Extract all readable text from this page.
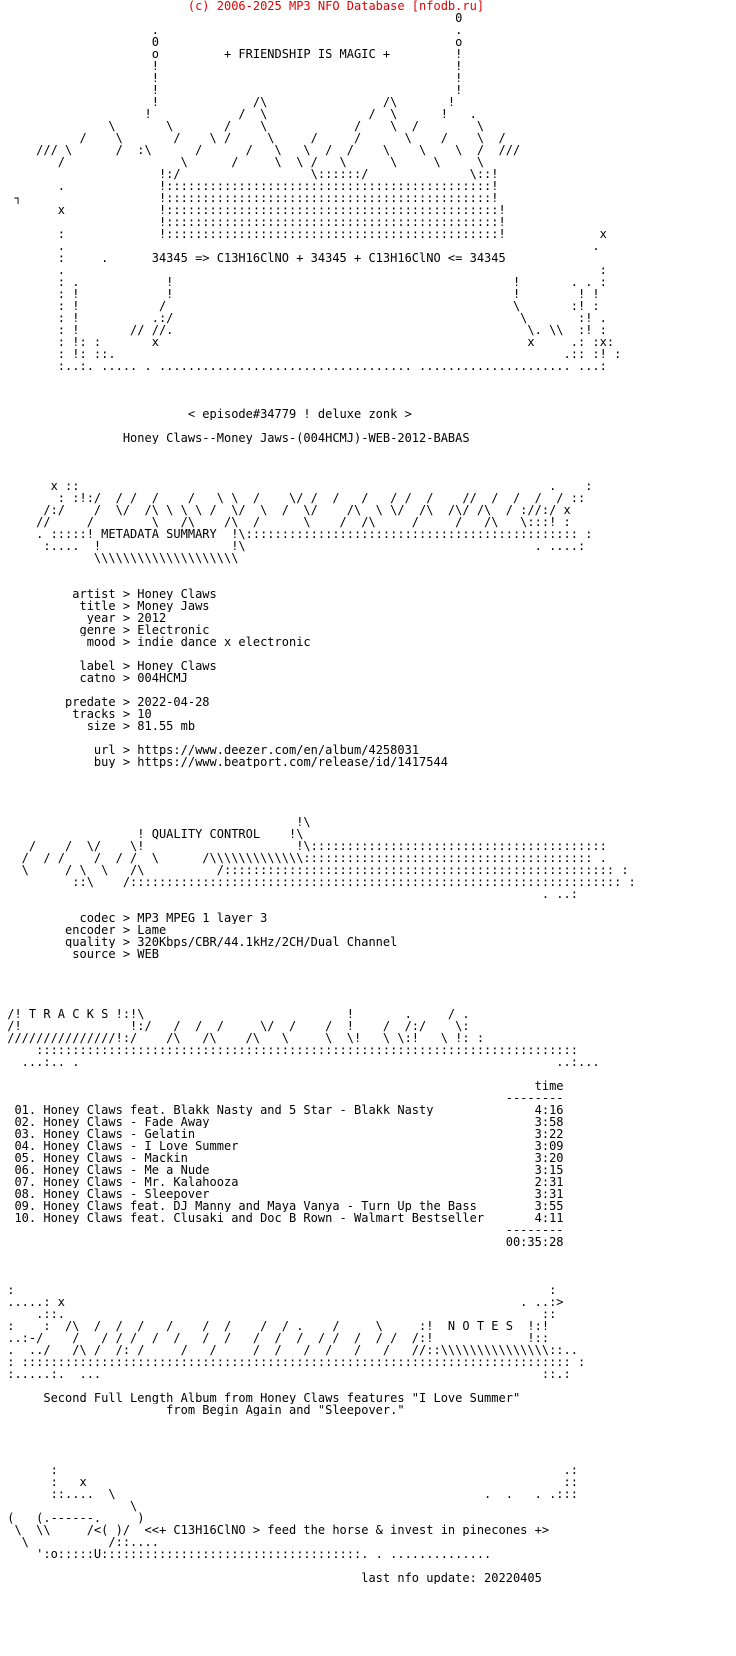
(c) 2006-2025 MP3 NFO Database [nfodb.ru]
0
.                                         .
0                                         o
o         + FRIENDSHIP IS MAGIC +         !
!                                         !
!                                         !
!                                         !
!             /\                /\       !
____!___         /  \              /  \    __!___.
_______\       \____   /    \_______     /    \ _/  ____  \
_ ___ _ /    \___    /    \_/  _  \     /  ___/  __  \    /  __\__/_ ___ _
/// \______/  :\      /      /   \   \  /  /    \    \__  \  /__///
/________________\______/_____\__\_/___\______\_____\_____\
!:/__________________\::::::/______________\::!
.             !:::::::::::::::::::::::::::::::::::::::::::::!
┐                   !:::::::::::::::::::::::::::::::::::::::::::::!
x             !::::::::::::::::::::::::::::::::::::::::::::::!
!::::::::::::::::::::::::::::::::::::::::::::::!
:        _ ___!::::::::::::::::::::::::::::::::::::::::::::::!___ _        x
.                                                                         .
:     .      34345 => C13H16ClNO + 34345 + C13H16ClNO <= 34345
.                                                                          :
: .       _ ___!_______________________________________________!___ _  . . :
: !           _!_                                             _!_       ! !
: !           /                                                \       :! :
: !       _ _.:/                                                \_ _    :! .
: !       // //.                                                 \. \\  :! :
: !: :       x                                                   x     .: :x:
: !: ::.                                                              .:: :! :
:..:. ..... . ................................... ..................... ...:
< episode#34779 ! deluxe zonk >
Honey_Claws--Money_Jaws-(004HCMJ)-WEB-2012-BABAS
x :: ___  ___  ____ ___  ____ ____  ____ ___ ____ ____ ____  ____ ___.____:
: :!:/ _/ /  /  __/ __\ \  /  __\/ /  /   / __/ /  /  __//  /  /  /  / ::
_/:/ ___/__\/__/\ \_\ \_/  \/  \__/  \/ ___/\__\ \/  /\__/\/ /\__/ ://:/ x
//_____/________\___/\____/\__/______\____/__/\_____/_____/___/\___\:::! :
. :::::! METADATA SUMMARY  !\:::::::::::::::::::::::::::::::::::::::::::::: :
:....  !__________________!\                                        . ....:
\\\\\\\\\\\\\\\\\\\\
artist > Honey Claws
title > Money Jaws
year > 2012
genre > Electronic
mood > indie dance x electronic
label > Honey Claws
catno > 004HCMJ
predate > 2022-04-28
tracks > 10
size > 81.55 mb
url > https://www.deezer.com/en/album/4258031
buy > https://www.beatport.com/release/id/1417544
____________________ !\
_______  ____ ! QUALITY CONTROL    !\
/  _ /  \/  _ \!_____________________!\:::::::::::::::::::::::::::::::::::::::::
/  /_/ _  /  /_/  \______/\\\\\\\\\\\\\:::::::::::::::::::::::::::::::::::::::: .
\_____/ \__\___/\__________/:::::::::::::::::::::::::::::::::::::::::::::::::::::: :
::\____/:::::::::::::::::::::::::::::::::::::::::::::::::::::::::::::::::::: :
. ..:
codec > MP3 MPEG 1 layer 3
encoder > Lame
quality > 320Kbps/CBR/44.1kHz/2CH/Dual Channel
source > WEB
_______________                               ______
/! T R A C K S !:!\_____ ___ ______ ____ _____ !____ _ . ____/_.
/!_______________!:/   /__/  /  _  \/  /  __/  !__  /  /:/  __\:
///////////////!:/____/\___/\____/\___\_____\__\!___\_\:!___\_!: :
:::::::::::::::::::::::::::::::::::::::::::::::::::::::::::::::::::::::::::
...:.. .                                                                  ..:...
time
--------
01. Honey Claws feat. Blakk Nasty and 5 Star - Blakk Nasty              4:16
02. Honey Claws - Fade Away                                             3:58
03. Honey Claws - Gelatin                                               3:22
04. Honey Claws - I Love Summer                                         3:09
05. Honey Claws - Mackin                                                3:20
06. Honey Claws - Me a Nude                                             3:15
07. Honey Claws - Mr. Kalahooza                                         2:31
08. Honey Claws - Sleepover                                             3:31
09. Honey Claws feat. DJ Manny and Maya Vanya - Turn Up the Bass        3:55
10. Honey Claws feat. Clusaki and Doc B Rown - Walmart Bestseller       4:11
--------
00:35:28
:                                                                          :
.....: x           _              _                                    . ..:>
.::.        ____ ______    _____    ___    ______        ___________  ::
:  __:__/\  /  /  /  _/   _/__/    /__/ .___ /_____\ ___ :!  N O T E S  !:!
..:-/  __/   / / /  /  /   /  /   /  /  /  / /  /  / /  /:!_____________!::
.  ../___/\_/__/:_/_____/___/_____/__/___/__/___/___/___//::\\\\\\\\\\\\\\\::..
: :::::::::::::::::::::::::::::::::::::::::::::::::::::::::::::::::::::::::::: :
:.....:.  ...                                                             ::.:
Second Full Length Album from Honey Claws features "I Love Summer"
from Begin Again and "Sleepover."
:                                                                      .:
:   x                                                                  ::
::....  \                                                   .  .   . .:::
_______________\__
(   (.------.  __ )
\  \\_____/<(_)/  <<+ C13H16ClNO > feed the horse & invest in pinecones +>
\___________/::....
':o:::::U::::::::::::::::::::::::::::::::::::. . ..............
last nfo update: 20220405
